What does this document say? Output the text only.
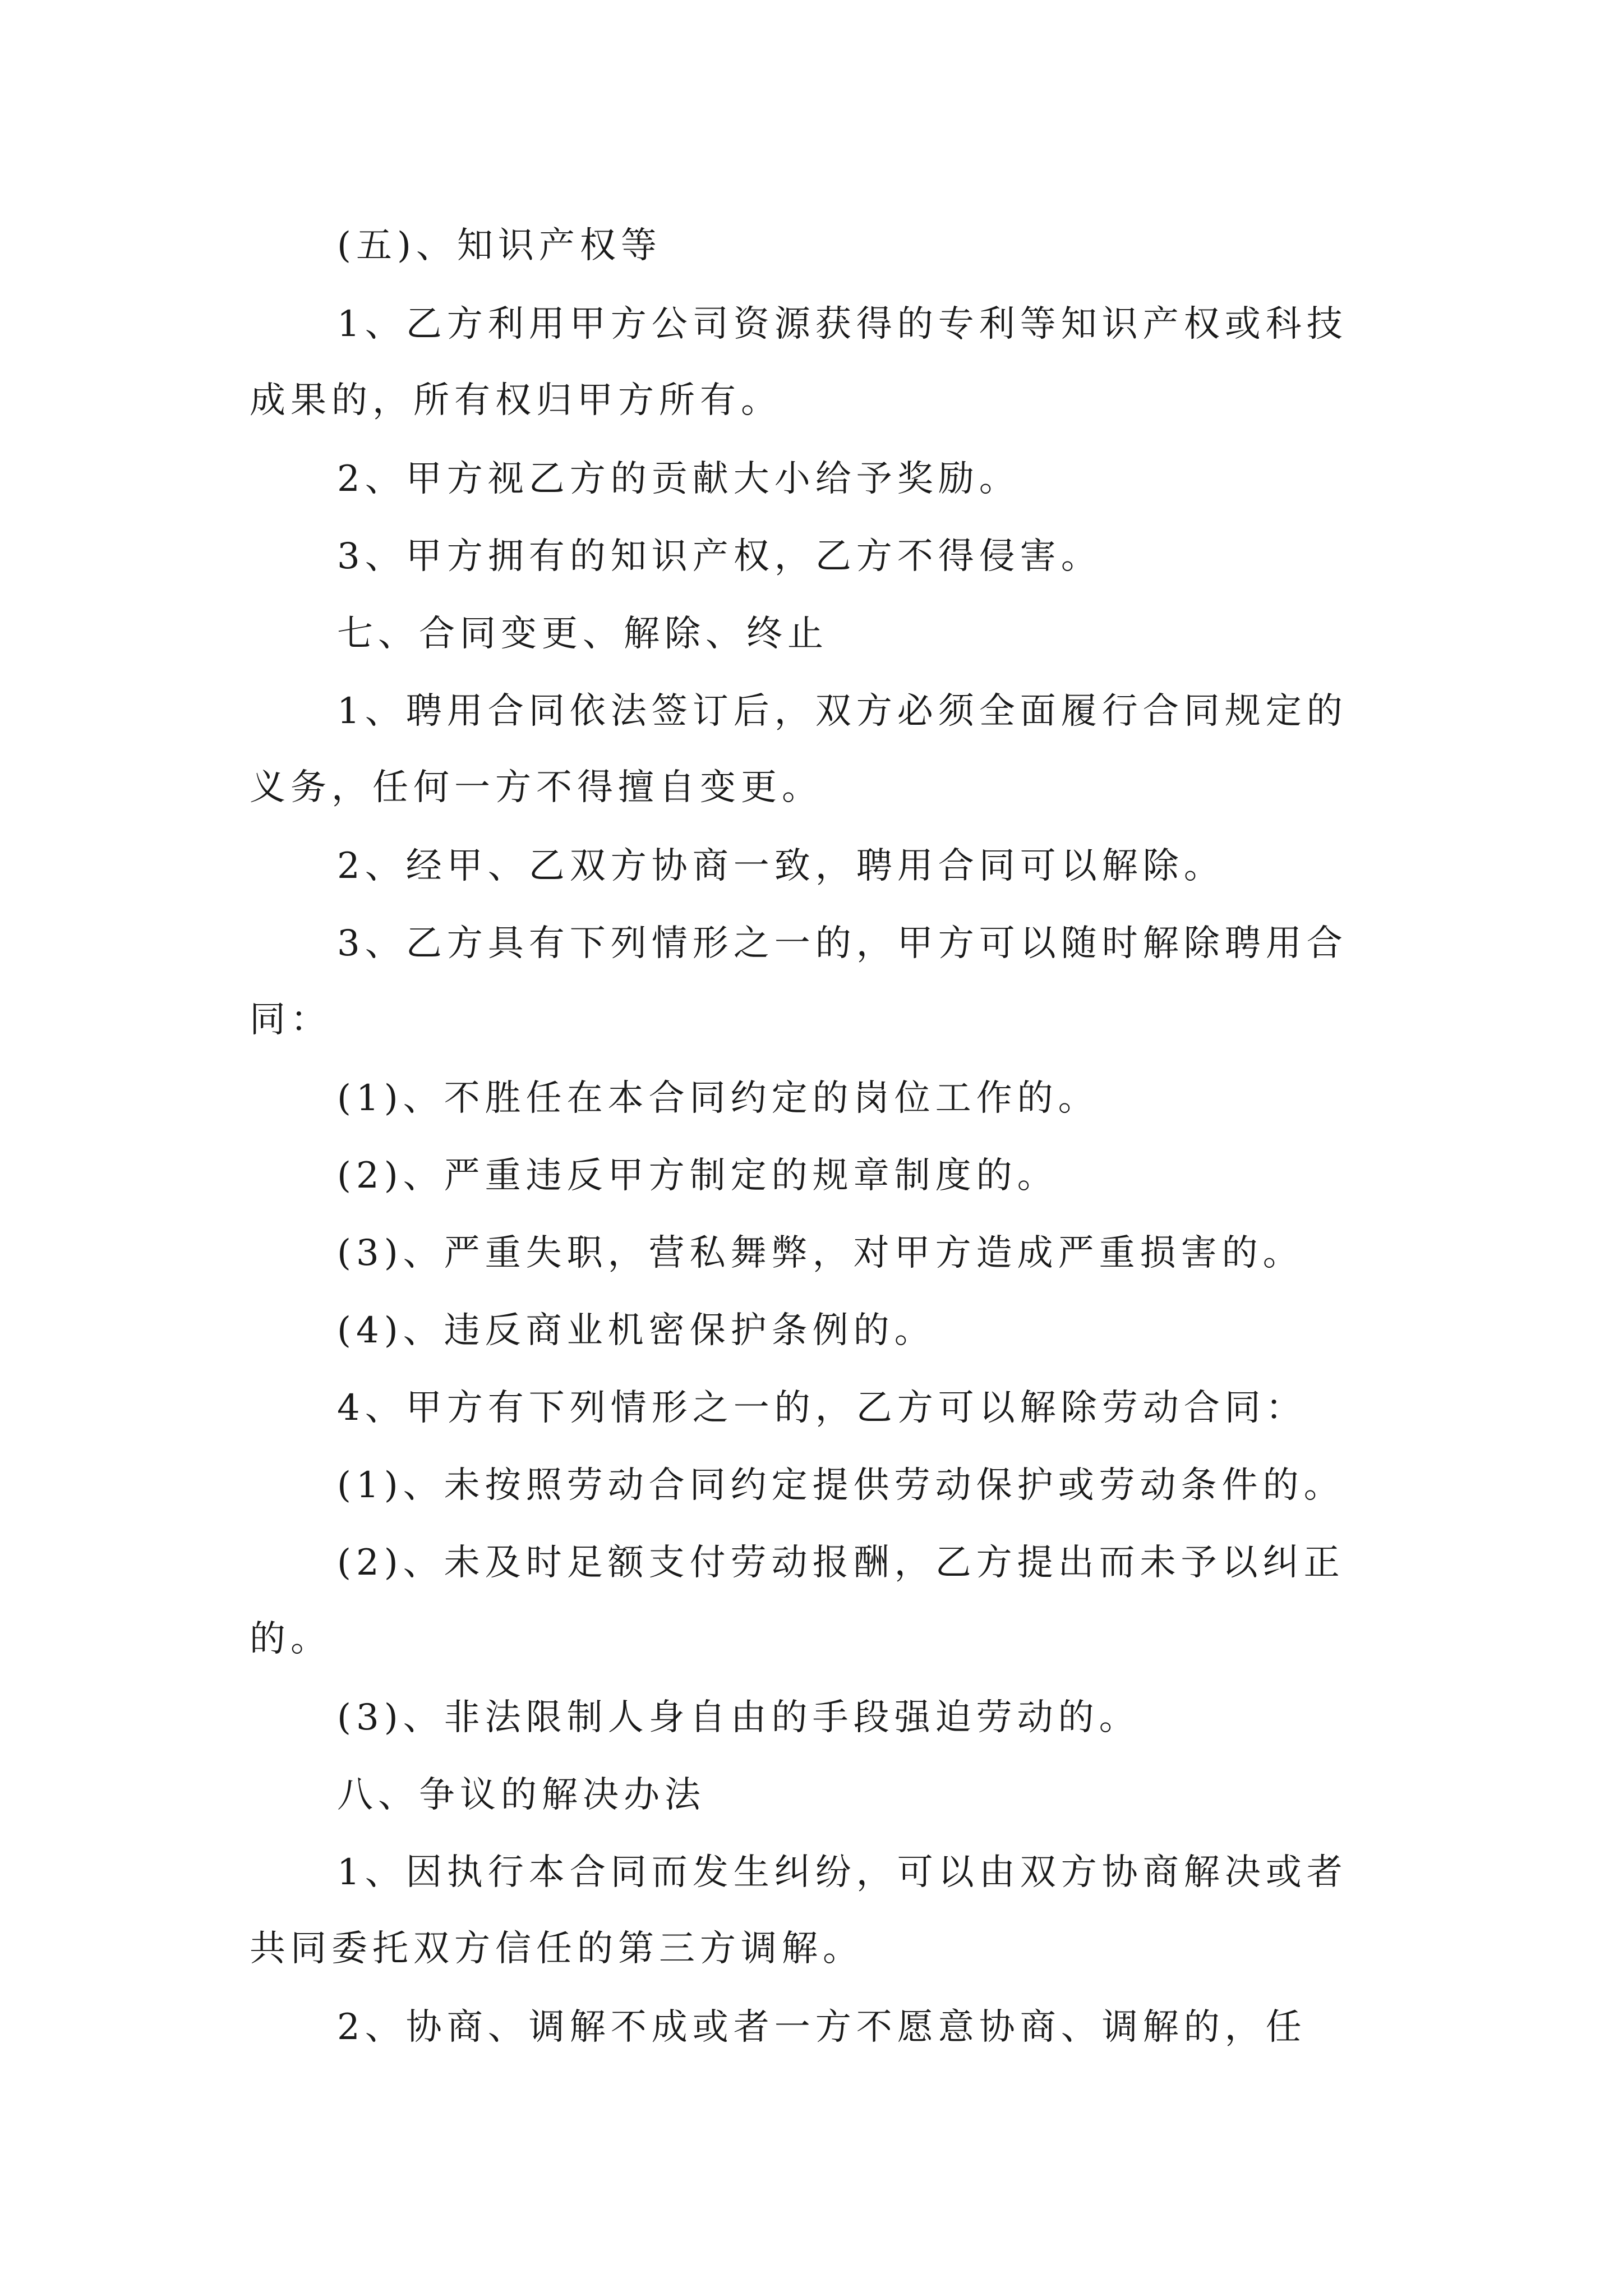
(五)、知识产权等

1、乙方利用甲方公司资源获得的专利等知识产权或科技成果的，所有权归甲方所有。

2、甲方视乙方的贡献大小给予奖励。

3、甲方拥有的知识产权，乙方不得侵害。

七、合同变更、解除、终止

1、聘用合同依法签订后，双方必须全面履行合同规定的义务，任何一方不得擅自变更。

2、经甲、乙双方协商一致，聘用合同可以解除。

3、乙方具有下列情形之一的，甲方可以随时解除聘用合同：

(1)、不胜任在本合同约定的岗位工作的。

(2)、严重违反甲方制定的规章制度的。

(3)、严重失职，营私舞弊，对甲方造成严重损害的。

(4)、违反商业机密保护条例的。

4、甲方有下列情形之一的，乙方可以解除劳动合同：

(1)、未按照劳动合同约定提供劳动保护或劳动条件的。

(2)、未及时足额支付劳动报酬，乙方提出而未予以纠正的。

(3)、非法限制人身自由的手段强迫劳动的。

八、争议的解决办法

1、因执行本合同而发生纠纷，可以由双方协商解决或者共同委托双方信任的第三方调解。

2、协商、调解不成或者一方不愿意协商、调解的，任
